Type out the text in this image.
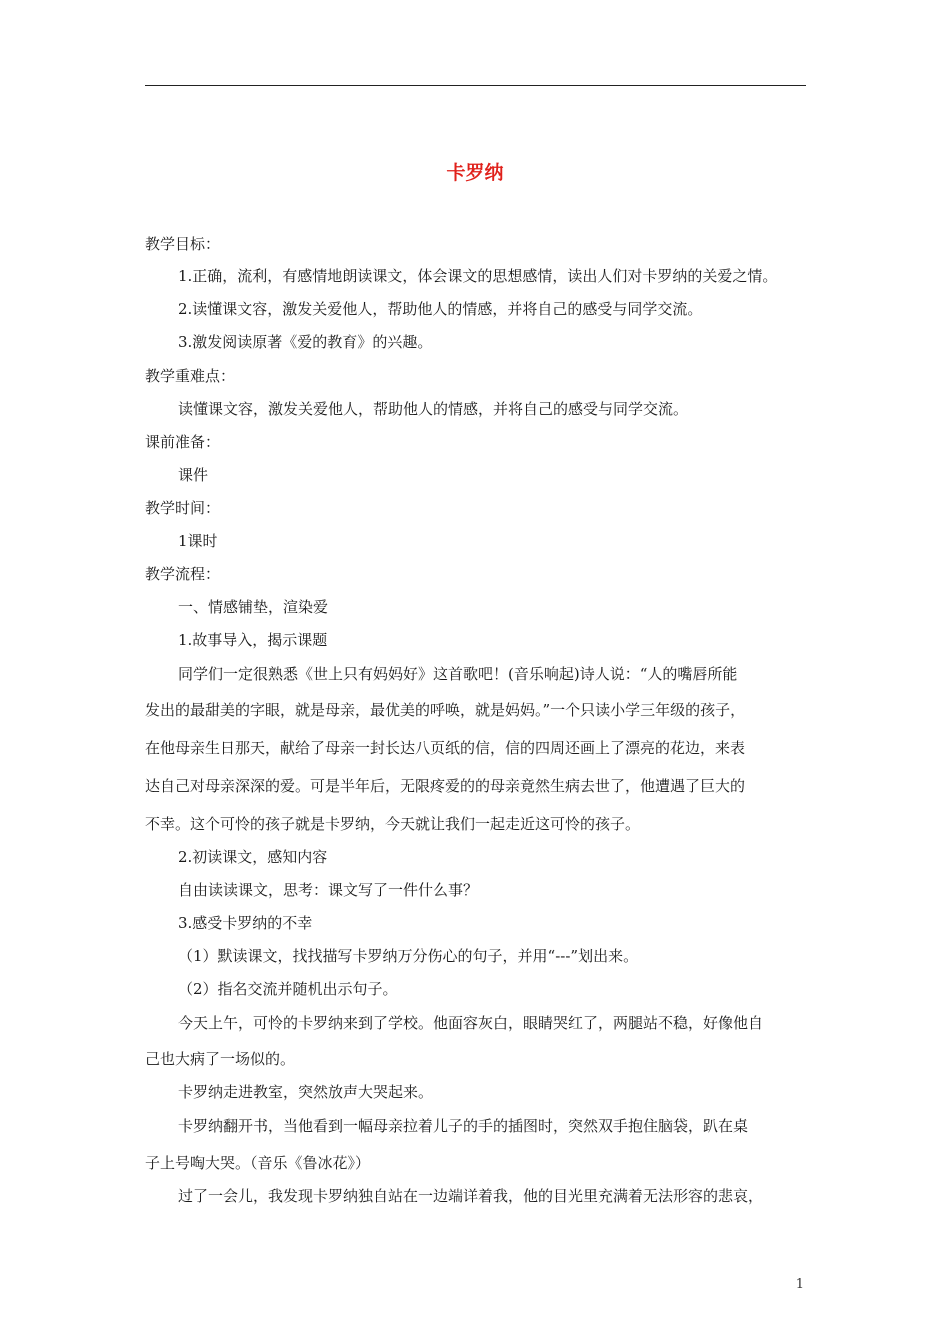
卡罗纳
教学目标：
1.正确，流利，有感情地朗读课文，体会课文的思想感情，读出人们对卡罗纳的关爱之情。
2.读懂课文容，激发关爱他人，帮助他人的情感，并将自己的感受与同学交流。
3.激发阅读原著《爱的教育》的兴趣。
教学重难点：
读懂课文容，激发关爱他人，帮助他人的情感，并将自己的感受与同学交流。
课前准备：
课件
教学时间：
1课时
教学流程：
一、情感铺垫，渲染爱
1.故事导入，揭示课题
同学们一定很熟悉《世上只有妈妈好》这首歌吧！(音乐响起)诗人说：“人的嘴唇所能
发出的最甜美的字眼，就是母亲，最优美的呼唤，就是妈妈。”一个只读小学三年级的孩子，
在他母亲生日那天，献给了母亲一封长达八页纸的信，信的四周还画上了漂亮的花边，来表
达自己对母亲深深的爱。可是半年后，无限疼爱的的母亲竟然生病去世了，他遭遇了巨大的
不幸。这个可怜的孩子就是卡罗纳，今天就让我们一起走近这可怜的孩子。
2.初读课文，感知内容
自由读读课文，思考：课文写了一件什么事？
3.感受卡罗纳的不幸
（1）默读课文，找找描写卡罗纳万分伤心的句子，并用“---”划出来。
（2）指名交流并随机出示句子。
今天上午，可怜的卡罗纳来到了学校。他面容灰白，眼睛哭红了，两腿站不稳，好像他自
己也大病了一场似的。
卡罗纳走进教室，突然放声大哭起来。
卡罗纳翻开书，当他看到一幅母亲拉着儿子的手的插图时，突然双手抱住脑袋，趴在桌
子上号啕大哭。（音乐《鲁冰花》）
过了一会儿，我发现卡罗纳独自站在一边端详着我，他的目光里充满着无法形容的悲哀，
1
